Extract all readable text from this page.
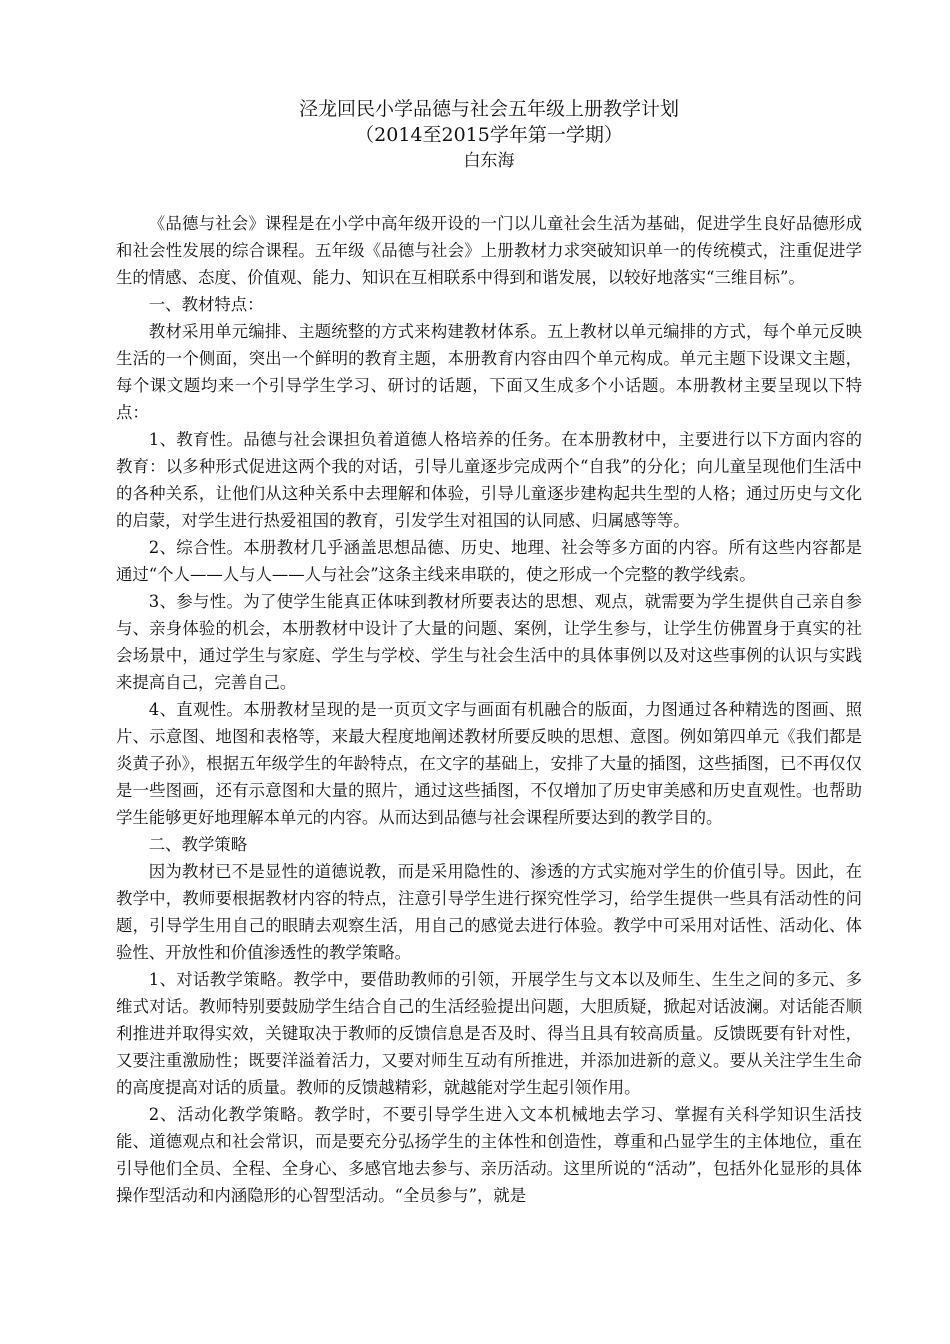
泾龙回民小学品德与社会五年级上册教学计划
（2014至2015学年第一学期）
白东海

《品德与社会》课程是在小学中高年级开设的一门以儿童社会生活为基础，促进学生良好品德形成和社会性发展的综合课程。五年级《品德与社会》上册教材力求突破知识单一的传统模式，注重促进学生的情感、态度、价值观、能力、知识在互相联系中得到和谐发展，以较好地落实“三维目标”。

一、教材特点：

教材采用单元编排、主题统整的方式来构建教材体系。五上教材以单元编排的方式，每个单元反映生活的一个侧面，突出一个鲜明的教育主题，本册教育内容由四个单元构成。单元主题下设课文主题，每个课文题均来一个引导学生学习、研讨的话题，下面又生成多个小话题。本册教材主要呈现以下特点：

1、教育性。品德与社会课担负着道德人格培养的任务。在本册教材中，主要进行以下方面内容的教育：以多种形式促进这两个我的对话，引导儿童逐步完成两个“自我”的分化；向儿童呈现他们生活中的各种关系，让他们从这种关系中去理解和体验，引导儿童逐步建构起共生型的人格；通过历史与文化的启蒙，对学生进行热爱祖国的教育，引发学生对祖国的认同感、归属感等等。

2、综合性。本册教材几乎涵盖思想品德、历史、地理、社会等多方面的内容。所有这些内容都是通过“个人——人与人——人与社会”这条主线来串联的，使之形成一个完整的教学线索。

3、参与性。为了使学生能真正体味到教材所要表达的思想、观点，就需要为学生提供自己亲自参与、亲身体验的机会，本册教材中设计了大量的问题、案例，让学生参与，让学生仿佛置身于真实的社会场景中，通过学生与家庭、学生与学校、学生与社会生活中的具体事例以及对这些事例的认识与实践来提高自己，完善自己。

4、直观性。本册教材呈现的是一页页文字与画面有机融合的版面，力图通过各种精选的图画、照片、示意图、地图和表格等，来最大程度地阐述教材所要反映的思想、意图。例如第四单元《我们都是炎黄子孙》，根据五年级学生的年龄特点，在文字的基础上，安排了大量的插图，这些插图，已不再仅仅是一些图画，还有示意图和大量的照片，通过这些插图，不仅增加了历史审美感和历史直观性。也帮助学生能够更好地理解本单元的内容。从而达到品德与社会课程所要达到的教学目的。

二、教学策略

因为教材已不是显性的道德说教，而是采用隐性的、渗透的方式实施对学生的价值引导。因此，在教学中，教师要根据教材内容的特点，注意引导学生进行探究性学习，给学生提供一些具有活动性的问题，引导学生用自己的眼睛去观察生活，用自己的感觉去进行体验。教学中可采用对话性、活动化、体验性、开放性和价值渗透性的教学策略。

1、对话教学策略。教学中，要借助教师的引领，开展学生与文本以及师生、生生之间的多元、多维式对话。教师特别要鼓励学生结合自己的生活经验提出问题，大胆质疑，掀起对话波澜。对话能否顺利推进并取得实效，关键取决于教师的反馈信息是否及时、得当且具有较高质量。反馈既要有针对性，又要注重激励性；既要洋溢着活力，又要对师生互动有所推进，并添加进新的意义。要从关注学生生命的高度提高对话的质量。教师的反馈越精彩，就越能对学生起引领作用。

2、活动化教学策略。教学时，不要引导学生进入文本机械地去学习、掌握有关科学知识生活技能、道德观点和社会常识，而是要充分弘扬学生的主体性和创造性，尊重和凸显学生的主体地位，重在引导他们全员、全程、全身心、多感官地去参与、亲历活动。这里所说的“活动”，包括外化显形的具体操作型活动和内涵隐形的心智型活动。“全员参与”，就是
